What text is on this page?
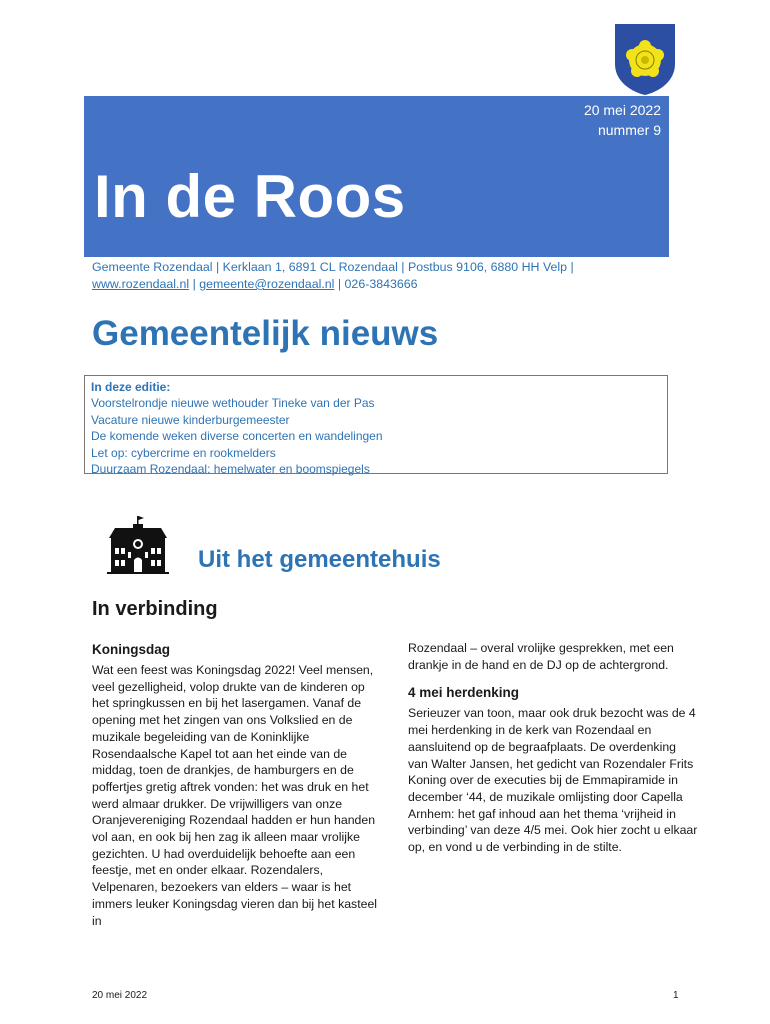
20 mei 2022
nummer 9
In de Roos
Gemeente Rozendaal | Kerklaan 1, 6891 CL Rozendaal | Postbus 9106, 6880 HH Velp |
www.rozendaal.nl | gemeente@rozendaal.nl | 026-3843666
Gemeentelijk nieuws
In deze editie:
Voorstelrondje nieuwe wethouder Tineke van der Pas
Vacature nieuwe kinderburgemeester
De komende weken diverse concerten en wandelingen
Let op: cybercrime en rookmelders
Duurzaam Rozendaal: hemelwater en boomspiegels
Uit het gemeentehuis
In verbinding
Koningsdag

Wat een feest was Koningsdag 2022! Veel mensen, veel gezelligheid, volop drukte van de kinderen op het springkussen en bij het lasergamen. Vanaf de opening met het zingen van ons Volkslied en de muzikale begeleiding van de Koninklijke Rosendaalsche Kapel tot aan het einde van de middag, toen de drankjes, de hamburgers en de poffertjes gretig aftrek vonden: het was druk en het werd almaar drukker. De vrijwilligers van onze Oranjevereniging Rozendaal hadden er hun handen vol aan, en ook bij hen zag ik alleen maar vrolijke gezichten. U had overduidelijk behoefte aan een feestje, met en onder elkaar. Rozendalers, Velpenaren, bezoekers van elders – waar is het immers leuker Koningsdag vieren dan bij het kasteel in

Rozendaal – overal vrolijke gesprekken, met een drankje in de hand en de DJ op de achtergrond.

4 mei herdenking

Serieuzer van toon, maar ook druk bezocht was de 4 mei herdenking in de kerk van Rozendaal en aansluitend op de begraafplaats. De overdenking van Walter Jansen, het gedicht van Rozendaler Frits Koning over de executies bij de Emmapiramide in december ‘44, de muzikale omlijsting door Capella Arnhem: het gaf inhoud aan het thema ‘vrijheid in verbinding’ van deze 4/5 mei. Ook hier zocht u elkaar op, en vond u de verbinding in de stilte.

20 mei 2022	1
